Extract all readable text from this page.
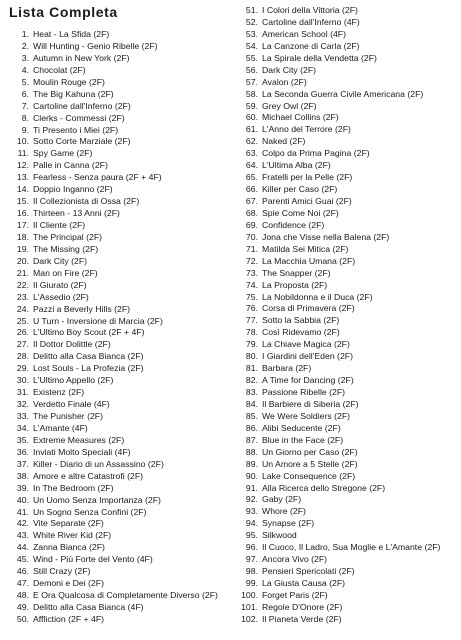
Lista Completa
1. Heat - La Sfida (2F)
2. Will Hunting - Genio Ribelle (2F)
3. Autumn in New York (2F)
4. Chocolat (2F)
5. Moulin Rouge (2F)
6. The Big Kahuna (2F)
7. Cartoline dall'Inferno (2F)
8. Clerks - Commessi (2F)
9. Ti Presento i Miei (2F)
10. Sotto Corte Marziale (2F)
11. Spy Game (2F)
12. Palle in Canna (2F)
13. Fearless - Senza paura (2F + 4F)
14. Doppio Inganno (2F)
15. Il Collezionista di Ossa (2F)
16. Thirteen - 13 Anni (2F)
17. Il Cliente (2F)
18. The Principal (2F)
19. The Missing (2F)
20. Dark City (2F)
21. Man on Fire (2F)
22. Il Giurato (2F)
23. L'Assedio (2F)
24. Pazzi a Beverly Hills (2F)
25. U Turn - Inversione di Marcia (2F)
26. L'Ultimo Boy Scout (2F + 4F)
27. Il Dottor Dolittle (2F)
28. Delitto alla Casa Bianca (2F)
29. Lost Souls - La Profezia (2F)
30. L'Ultimo Appello (2F)
31. Existenz (2F)
32. Verdetto Finale (4F)
33. The Punisher (2F)
34. L'Amante (4F)
35. Extreme Measures (2F)
36. Inviati Molto Speciali (4F)
37. Killer - Diario di un Assassino (2F)
38. Amore e altre Catastrofi (2F)
39. In The Bedroom (2F)
40. Un Uomo Senza Importanza (2F)
41. Un Sogno Senza Confini (2F)
42. Vite Separate (2F)
43. White River Kid (2F)
44. Zanna Bianca (2F)
45. Wind - Più Forte del Vento (4F)
46. Still Crazy (2F)
47. Demoni e Dei (2F)
48. E Ora Qualcosa di Completamente Diverso (2F)
49. Delitto alla Casa Bianca (4F)
50. Affliction (2F + 4F)
51. I Colori della Vittoria (2F)
52. Cartoline dall'Inferno (4F)
53. American School (4F)
54. La Canzone di Carla (2F)
55. La Spirale della Vendetta (2F)
56. Dark City (2F)
57. Avalon (2F)
58. La Seconda Guerra Civile Americana (2F)
59. Grey Owl (2F)
60. Michael Collins (2F)
61. L'Anno del Terrore (2F)
62. Naked (2F)
63. Colpo da Prima Pagina (2F)
64. L'Ultima Alba (2F)
65. Fratelli per la Pelle (2F)
66. Killer per Caso (2F)
67. Parenti Amici Guai (2F)
68. Spie Come Noi (2F)
69. Confidence (2F)
70. Jona che Visse nella Balena (2F)
71. Matilda Sei Mitica (2F)
72. La Macchia Umana (2F)
73. The Snapper (2F)
74. La Proposta (2F)
75. La Nobildonna e il Duca (2F)
76. Corsa di Primavera (2F)
77. Sotto la Sabbia (2F)
78. Così Ridevamo (2F)
79. La Chiave Magica (2F)
80. I Giardini dell'Eden (2F)
81. Barbara (2F)
82. A Time for Dancing (2F)
83. Passione Ribelle (2F)
84. Il Barbiere di Siberia (2F)
85. We Were Soldiers (2F)
86. Alibi Seducente (2F)
87. Blue in the Face (2F)
88. Un Giorno per Caso (2F)
89. Un Amore a 5 Stelle (2F)
90. Lake Consequence (2F)
91. Alla Ricerca dello Stregone (2F)
92. Gaby (2F)
93. Whore (2F)
94. Synapse (2F)
95. Silkwood
96. Il Cuoco, Il Ladro, Sua Moglie e L'Amante (2F)
97. Ancora Vivo (2F)
98. Pensieri Spericolati (2F)
99. La Giusta Causa (2F)
100. Forget Paris (2F)
101. Regole D'Onore (2F)
102. Il Pianeta Verde (2F)
